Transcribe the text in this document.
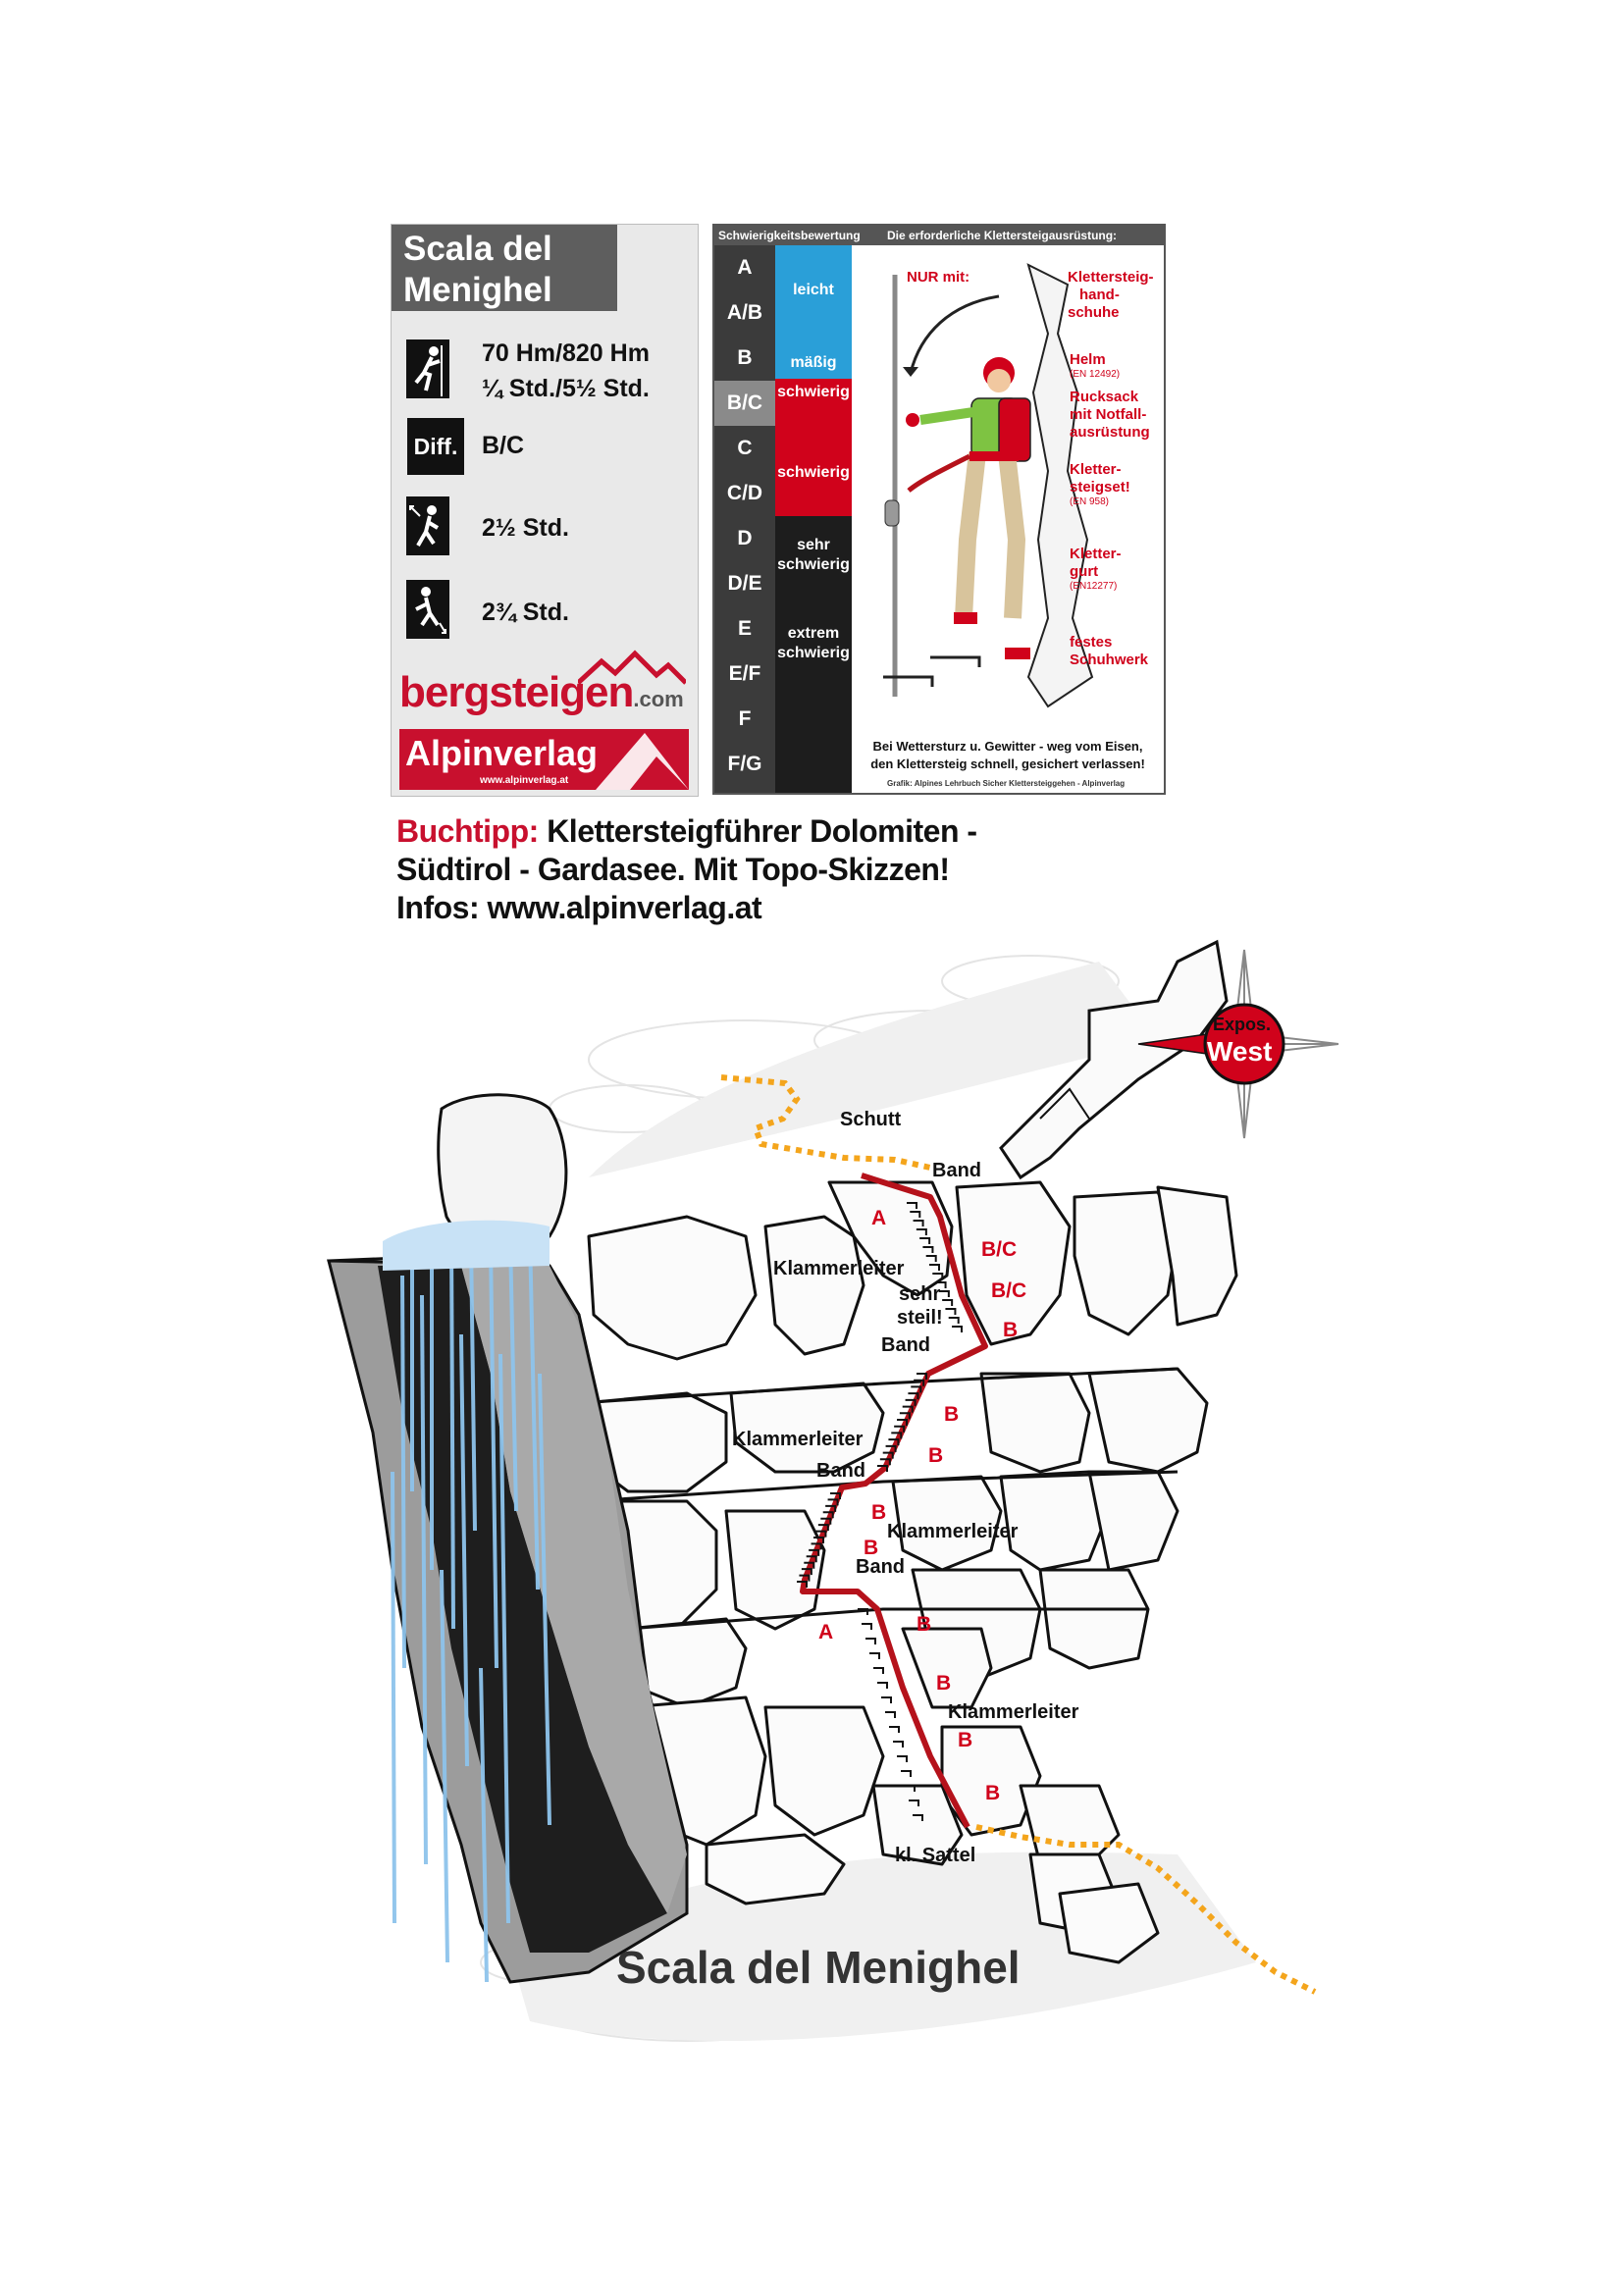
Scala del Menighel
70 Hm/820 Hm
¼ Std./5½ Std.
Diff. B/C
2½ Std.
2¾ Std.
bergsteigen.com
Alpinverlag
www.alpinverlag.at
Schwierigkeitsbewertung Die erforderliche Klettersteigausrüstung:
A
A/B
B
B/C
C
C/D
D
D/E
E
E/F
F
F/G
leicht
mäßig
schwierig
schwierig
sehr
schwierig
extrem
schwierig
NUR mit:	Klettersteig-
hand-
schuhe
Helm
(EN 12492)
Rucksack
mit Notfall-
ausrüstung
Kletter-
steigset!
(EN 958)
Kletter-
gurt
(EN12277)
festes
Schuhwerk
Bei Wettersturz u. Gewitter - weg vom Eisen,
den Klettersteig schnell, gesichert verlassen!
Grafik: Alpines Lehrbuch Sicher Klettersteiggehen - Alpinverlag
Buchtipp: Klettersteigführer Dolomiten -
Südtirol - Gardasee. Mit Topo-Skizzen!
Infos: www.alpinverlag.at
Expos.
West
Schutt
Band
Klammerleiter
sehr
steil!
Band
Klammerleiter
Band
Klammerleiter
Band
Klammerleiter
kl. Sattel
A
B/C
B/C
B
B
B
B
B
A	B
B
B
B
Scala del Menighel
